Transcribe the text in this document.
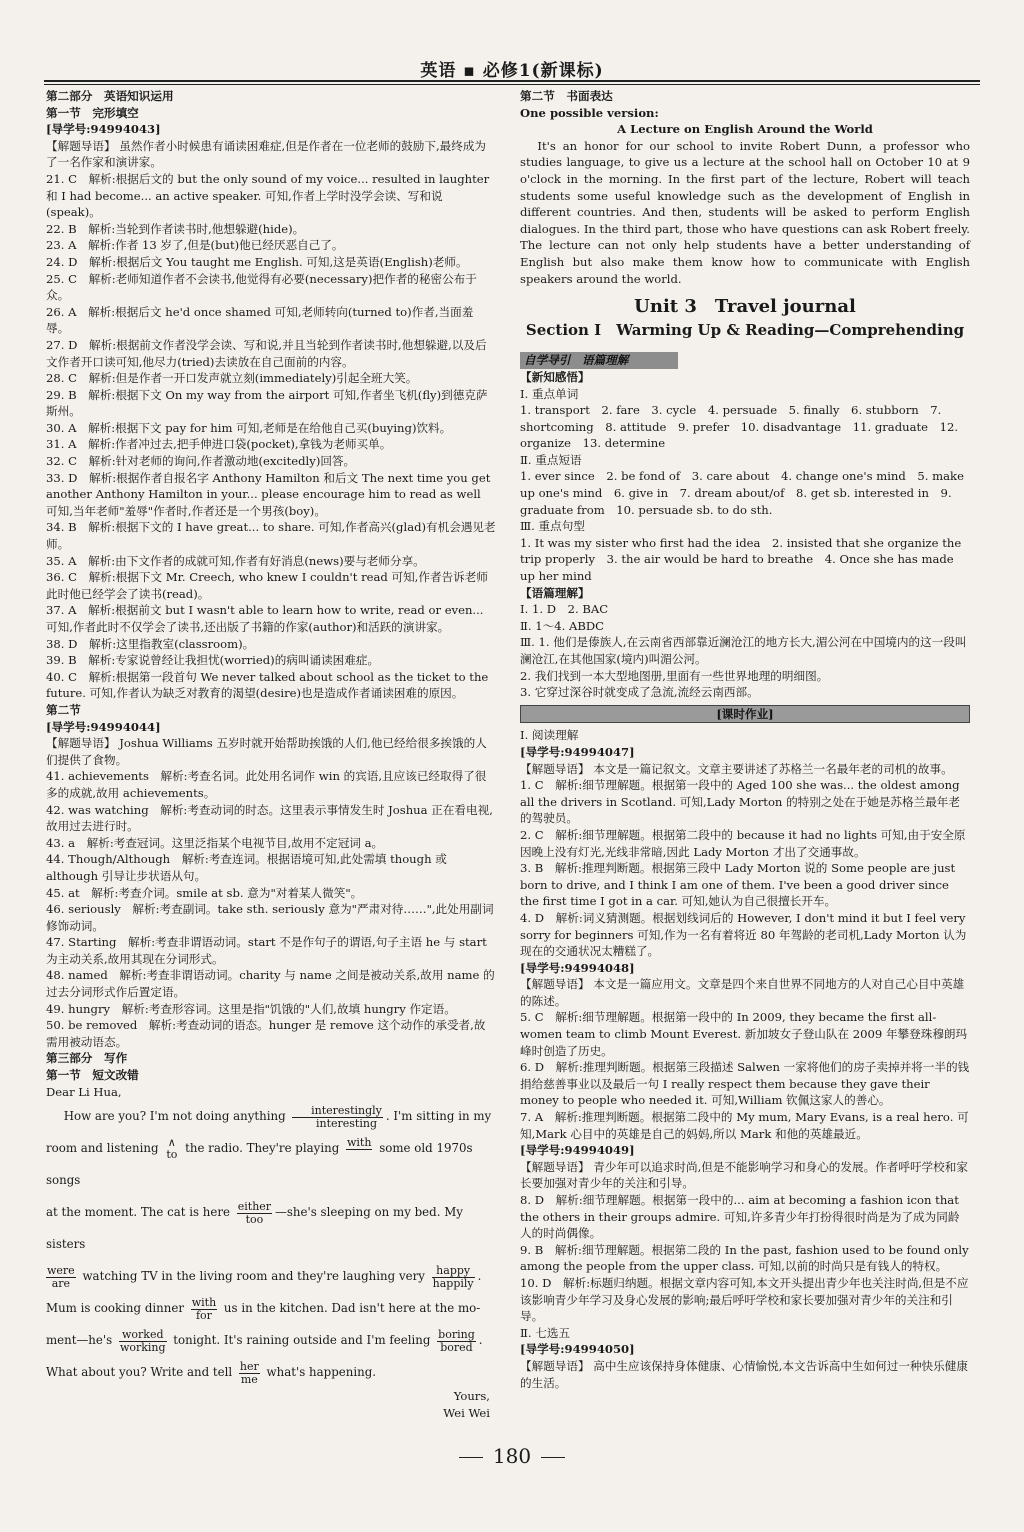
英语 ▪ 必修1(新课标)

第二部分　英语知识运用

第一节　完形填空

[导学号:94994043]

【解题导语】 虽然作者小时候患有诵读困难症,但是作者在一位老师的鼓励下,最终成为了一名作家和演讲家。

21. C　解析:根据后文的 but the only sound of my voice... resulted in laughter 和 I had become... an active speaker. 可知,作者上学时没学会读、写和说(speak)。

22. B　解析:当轮到作者读书时,他想躲避(hide)。

23. A　解析:作者 13 岁了,但是(but)他已经厌恶自己了。

24. D　解析:根据后文 You taught me English. 可知,这是英语(English)老师。

25. C　解析:老师知道作者不会读书,他觉得有必要(necessary)把作者的秘密公布于众。

26. A　解析:根据后文 he'd once shamed 可知,老师转向(turned to)作者,当面羞辱。

27. D　解析:根据前文作者没学会读、写和说,并且当轮到作者读书时,他想躲避,以及后文作者开口读可知,他尽力(tried)去读放在自己面前的内容。

28. C　解析:但是作者一开口发声就立刻(immediately)引起全班大笑。

29. B　解析:根据下文 On my way from the airport 可知,作者坐飞机(fly)到德克萨斯州。

30. A　解析:根据下文 pay for him 可知,老师是在给他自己买(buying)饮料。

31. A　解析:作者冲过去,把手伸进口袋(pocket),拿钱为老师买单。

32. C　解析:针对老师的询问,作者激动地(excitedly)回答。

33. D　解析:根据作者自报名字 Anthony Hamilton 和后文 The next time you get another Anthony Hamilton in your... please encourage him to read as well 可知,当年老师"羞辱"作者时,作者还是一个男孩(boy)。

34. B　解析:根据下文的 I have great... to share. 可知,作者高兴(glad)有机会遇见老师。

35. A　解析:由下文作者的成就可知,作者有好消息(news)要与老师分享。

36. C　解析:根据下文 Mr. Creech, who knew I couldn't read 可知,作者告诉老师此时他已经学会了读书(read)。

37. A　解析:根据前文 but I wasn't able to learn how to write, read or even... 可知,作者此时不仅学会了读书,还出版了书籍的作家(author)和活跃的演讲家。

38. D　解析:这里指教室(classroom)。

39. B　解析:专家说曾经让我担忧(worried)的病叫诵读困难症。

40. C　解析:根据第一段首句 We never talked about school as the ticket to the future. 可知,作者认为缺乏对教育的渴望(desire)也是造成作者诵读困难的原因。

第二节

[导学号:94994044]

【解题导语】 Joshua Williams 五岁时就开始帮助挨饿的人们,他已经给很多挨饿的人们提供了食物。

41. achievements　解析:考查名词。此处用名词作 win 的宾语,且应该已经取得了很多的成就,故用 achievements。

42. was watching　解析:考查动词的时态。这里表示事情发生时 Joshua 正在看电视,故用过去进行时。

43. a　解析:考查冠词。这里泛指某个电视节目,故用不定冠词 a。

44. Though/Although　解析:考查连词。根据语境可知,此处需填 though 或 although 引导让步状语从句。

45. at　解析:考查介词。smile at sb. 意为"对着某人微笑"。

46. seriously　解析:考查副词。take sth. seriously 意为"严肃对待……",此处用副词修饰动词。

47. Starting　解析:考查非谓语动词。start 不是作句子的谓语,句子主语 he 与 start 为主动关系,故用其现在分词形式。

48. named　解析:考查非谓语动词。charity 与 name 之间是被动关系,故用 name 的过去分词形式作后置定语。

49. hungry　解析:考查形容词。这里是指"饥饿的"人们,故填 hungry 作定语。

50. be removed　解析:考查动词的语态。hunger 是 remove 这个动作的承受者,故需用被动语态。

第三部分　写作

第一节　短文改错

Dear Li Hua,

How are you? I'm not doing anything	interestingly
interesting . I'm sitting in my
room and listening ∧
to the radio. They're playing with
some old 1970s songs
at the moment. The cat is here either
too	—she's sleeping on my bed. My sisters
were
are	watching TV in the living room and they're laughing very	happy
happily .
Mum is cooking dinner with
for	us in the kitchen. Dad isn't here at the mo-
ment—he's worked
working tonight. It's raining outside and I'm feeling boring
bored .
What about you? Write and tell her
me what's happening.

Yours,

Wei Wei

第二节　书面表达

One possible version:

A Lecture on English Around the World

It's an honor for our school to invite Robert Dunn, a professor who studies language, to give us a lecture at the school hall on October 10 at 9 o'clock in the morning. In the first part of the lecture, Robert will teach students some useful knowledge such as the development of English in different countries. And then, students will be asked to perform English dialogues. In the third part, those who have questions can ask Robert freely. The lecture can not only help students have a better understanding of English but also make them know how to communicate with English speakers around the world.

Unit 3　Travel journal
Section Ⅰ　Warming Up & Reading—Comprehending
自学导引　语篇理解

【新知感悟】

Ⅰ. 重点单词

1. transport　2. fare　3. cycle　4. persuade　5. finally　6. stubborn　7. shortcoming　8. attitude　9. prefer　10. disadvantage　11. graduate　12. organize　13. determine

Ⅱ. 重点短语

1. ever since　2. be fond of　3. care about　4. change one's mind　5. make up one's mind　6. give in　7. dream about/of　8. get sb. interested in　9. graduate from　10. persuade sb. to do sth.

Ⅲ. 重点句型

1. It was my sister who first had the idea　2. insisted that she organize the trip properly　3. the air would be hard to breathe　4. Once she has made up her mind

【语篇理解】

Ⅰ. 1. D　2. BAC

Ⅱ. 1～4. ABDC

Ⅲ. 1. 他们是傣族人,在云南省西部靠近澜沧江的地方长大,湄公河在中国境内的这一段叫澜沧江,在其他国家(境内)叫湄公河。

2. 我们找到一本大型地图册,里面有一些世界地理的明细图。

3. 它穿过深谷时就变成了急流,流经云南西部。

[课时作业]

Ⅰ. 阅读理解

[导学号:94994047]

【解题导语】 本文是一篇记叙文。文章主要讲述了苏格兰一名最年老的司机的故事。

1. C　解析:细节理解题。根据第一段中的 Aged 100 she was... the oldest among all the drivers in Scotland. 可知,Lady Morton 的特别之处在于她是苏格兰最年老的驾驶员。

2. C　解析:细节理解题。根据第二段中的 because it had no lights 可知,由于安全原因晚上没有灯光,光线非常暗,因此 Lady Morton 才出了交通事故。

3. B　解析:推理判断题。根据第三段中 Lady Morton 说的 Some people are just born to drive, and I think I am one of them. I've been a good driver since the first time I got in a car. 可知,她认为自己很擅长开车。

4. D　解析:词义猜测题。根据划线词后的 However, I don't mind it but I feel very sorry for beginners 可知,作为一名有着将近 80 年驾龄的老司机,Lady Morton 认为现在的交通状况太糟糕了。

[导学号:94994048]

【解题导语】 本文是一篇应用文。文章是四个来自世界不同地方的人对自己心目中英雄的陈述。

5. C　解析:细节理解题。根据第一段中的 In 2009, they became the first all-women team to climb Mount Everest. 新加坡女子登山队在 2009 年攀登珠穆朗玛峰时创造了历史。

6. D　解析:推理判断题。根据第三段描述 Salwen 一家将他们的房子卖掉并将一半的钱捐给慈善事业以及最后一句 I really respect them because they gave their money to people who needed it. 可知,William 钦佩这家人的善心。

7. A　解析:推理判断题。根据第二段中的 My mum, Mary Evans, is a real hero. 可知,Mark 心目中的英雄是自己的妈妈,所以 Mark 和他的英雄最近。

[导学号:94994049]

【解题导语】 青少年可以追求时尚,但是不能影响学习和身心的发展。作者呼吁学校和家长要加强对青少年的关注和引导。

8. D　解析:细节理解题。根据第一段中的... aim at becoming a fashion icon that the others in their groups admire. 可知,许多青少年打扮得很时尚是为了成为同龄人的时尚偶像。

9. B　解析:细节理解题。根据第二段的 In the past, fashion used to be found only among the people from the upper class. 可知,以前的时尚只是有钱人的特权。

10. D　解析:标题归纳题。根据文章内容可知,本文开头提出青少年也关注时尚,但是不应该影响青少年学习及身心发展的影响;最后呼吁学校和家长要加强对青少年的关注和引导。

Ⅱ. 七选五

[导学号:94994050]

【解题导语】 高中生应该保持身体健康、心情愉悦,本文告诉高中生如何过一种快乐健康的生活。

180
